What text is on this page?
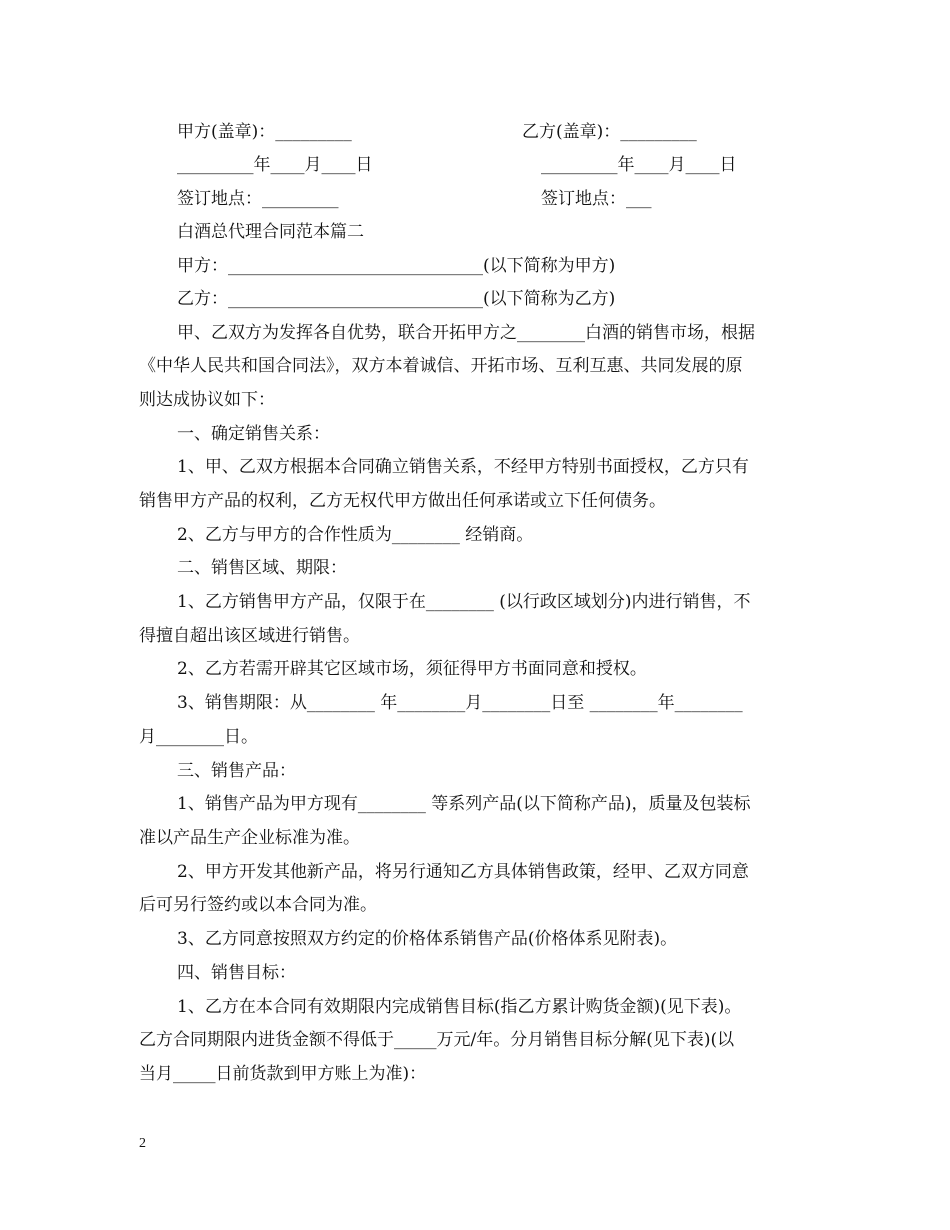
甲方(盖章)：_________	乙方(盖章)：_________
_________年____月____日	_________年____月____日
签订地点：_________	签订地点：___
白酒总代理合同范本篇二
甲方：______________________________(以下简称为甲方)
乙方：______________________________(以下简称为乙方)
甲、乙双方为发挥各自优势，联合开拓甲方之________白酒的销售市场，根据
《中华人民共和国合同法》，双方本着诚信、开拓市场、互利互惠、共同发展的原
则达成协议如下：
一、确定销售关系：
1、甲、乙双方根据本合同确立销售关系，不经甲方特别书面授权，乙方只有
销售甲方产品的权利，乙方无权代甲方做出任何承诺或立下任何债务。
2、乙方与甲方的合作性质为________ 经销商。
二、销售区域、期限：
1、乙方销售甲方产品，仅限于在________ (以行政区域划分)内进行销售，不
得擅自超出该区域进行销售。
2、乙方若需开辟其它区域市场，须征得甲方书面同意和授权。
3、销售期限：从________ 年________月________日至 ________年________
月________日。
三、销售产品：
1、销售产品为甲方现有________ 等系列产品(以下简称产品)，质量及包装标
准以产品生产企业标准为准。
2、甲方开发其他新产品，将另行通知乙方具体销售政策，经甲、乙双方同意
后可另行签约或以本合同为准。
3、乙方同意按照双方约定的价格体系销售产品(价格体系见附表)。
四、销售目标：
1、乙方在本合同有效期限内完成销售目标(指乙方累计购货金额)(见下表)。
乙方合同期限内进货金额不得低于_____万元/年。分月销售目标分解(见下表)(以
当月_____日前货款到甲方账上为准)：
2
